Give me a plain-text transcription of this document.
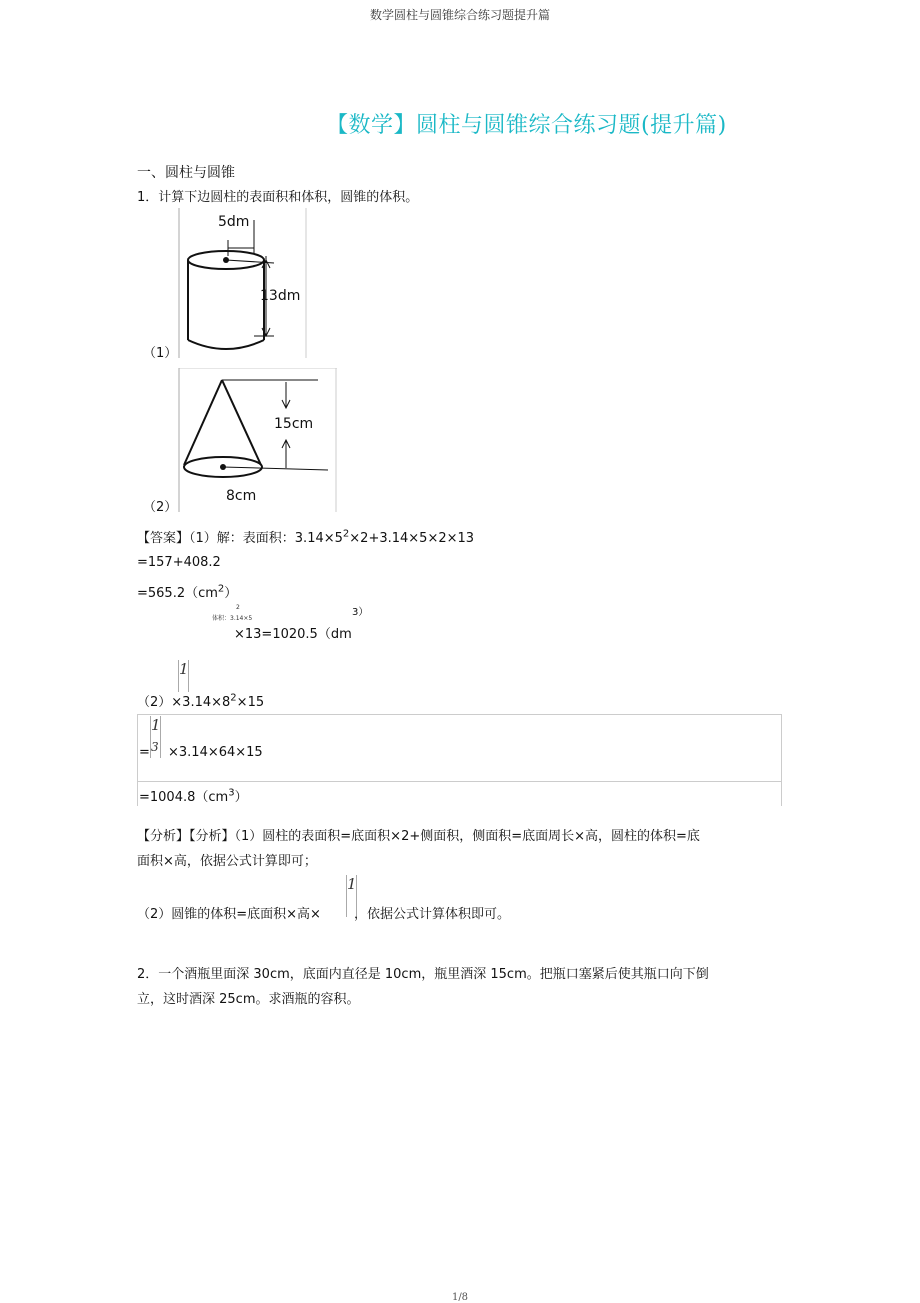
数学圆柱与圆锥综合练习题提升篇
【数学】圆柱与圆锥综合练习题(提升篇)
一、圆柱与圆锥
1．计算下边圆柱的表面积和体积，圆锥的体积。
（1）
5dm
13dm
（2）
15cm
8cm
【答案】（1）解：表面积：$3.14\times 5^2\times 2+3.14\times 5\times 2\times 13$
=157+408.2
$=565.2(cm^2)$
2
体积：3.14×5
3）
×13=1020.5（dm
1
$(2)\times 3.14\times 8^2\times 15$
1
3
= ×3.14×64×15
$=1004.8(cm^3)$
【分析】【分析】（1）圆柱的表面积=底面积×2+侧面积，侧面积=底面周长×高，圆柱的体积=底
面积×高，依据公式计算即可；
1
（2）圆锥的体积=底面积×高×	，依据公式计算体积即可。
2．一个酒瓶里面深 30cm，底面内直径是 10cm，瓶里酒深 15cm。把瓶口塞紧后使其瓶口向下倒
立，这时酒深 25cm。求酒瓶的容积。
1/8
